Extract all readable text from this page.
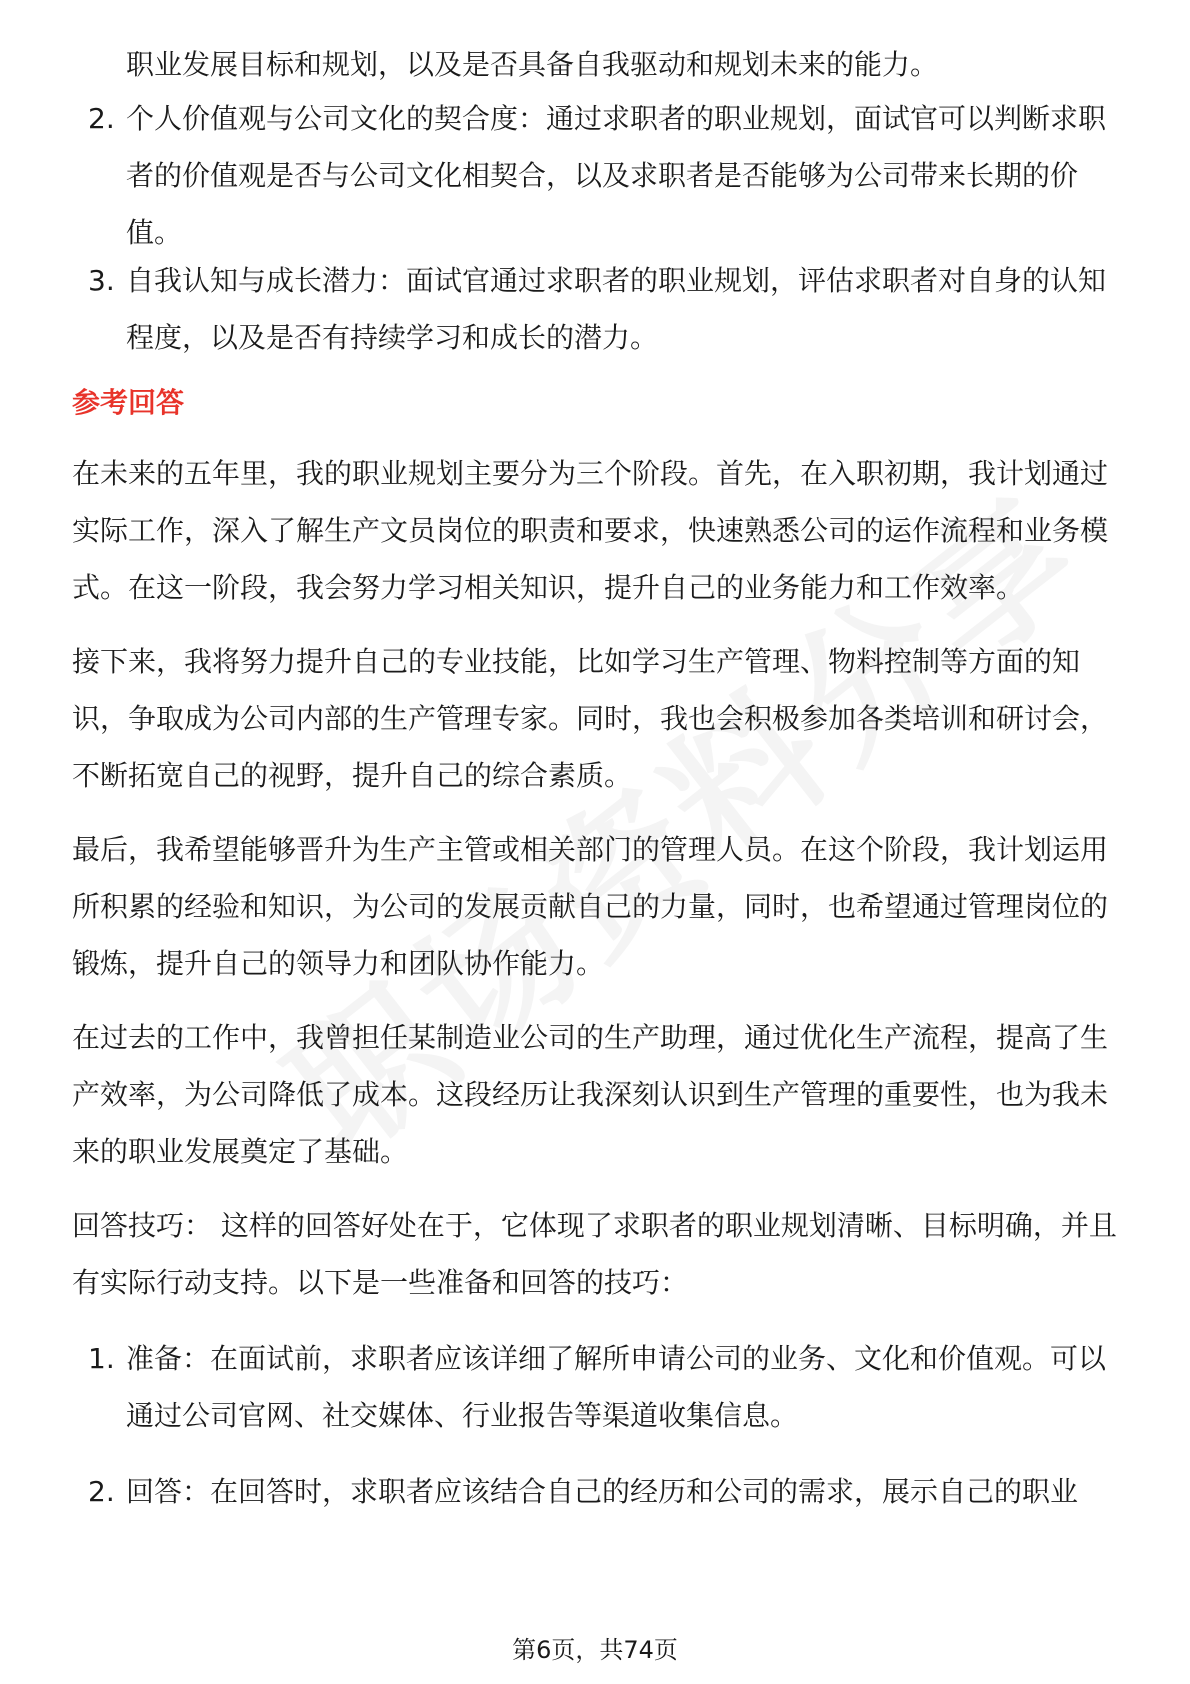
职业发展目标和规划，以及是否具备自我驱动和规划未来的能力。
2. 个人价值观与公司文化的契合度：通过求职者的职业规划，面试官可以判断求职者的价值观是否与公司文化相契合，以及求职者是否能够为公司带来长期的价值。
3. 自我认知与成长潜力：面试官通过求职者的职业规划，评估求职者对自身的认知程度，以及是否有持续学习和成长的潜力。
参考回答

在未来的五年里，我的职业规划主要分为三个阶段。首先，在入职初期，我计划通过实际工作，深入了解生产文员岗位的职责和要求，快速熟悉公司的运作流程和业务模式。在这一阶段，我会努力学习相关知识，提升自己的业务能力和工作效率。

接下来，我将努力提升自己的专业技能，比如学习生产管理、物料控制等方面的知识，争取成为公司内部的生产管理专家。同时，我也会积极参加各类培训和研讨会，不断拓宽自己的视野，提升自己的综合素质。

最后，我希望能够晋升为生产主管或相关部门的管理人员。在这个阶段，我计划运用所积累的经验和知识，为公司的发展贡献自己的力量，同时，也希望通过管理岗位的锻炼，提升自己的领导力和团队协作能力。

在过去的工作中，我曾担任某制造业公司的生产助理，通过优化生产流程，提高了生产效率，为公司降低了成本。这段经历让我深刻认识到生产管理的重要性，也为我未来的职业发展奠定了基础。

回答技巧： 这样的回答好处在于，它体现了求职者的职业规划清晰、目标明确，并且有实际行动支持。以下是一些准备和回答的技巧：

1. 准备：在面试前，求职者应该详细了解所申请公司的业务、文化和价值观。可以通过公司官网、社交媒体、行业报告等渠道收集信息。
2. 回答：在回答时，求职者应该结合自己的经历和公司的需求，展示自己的职业
第6页，共74页
